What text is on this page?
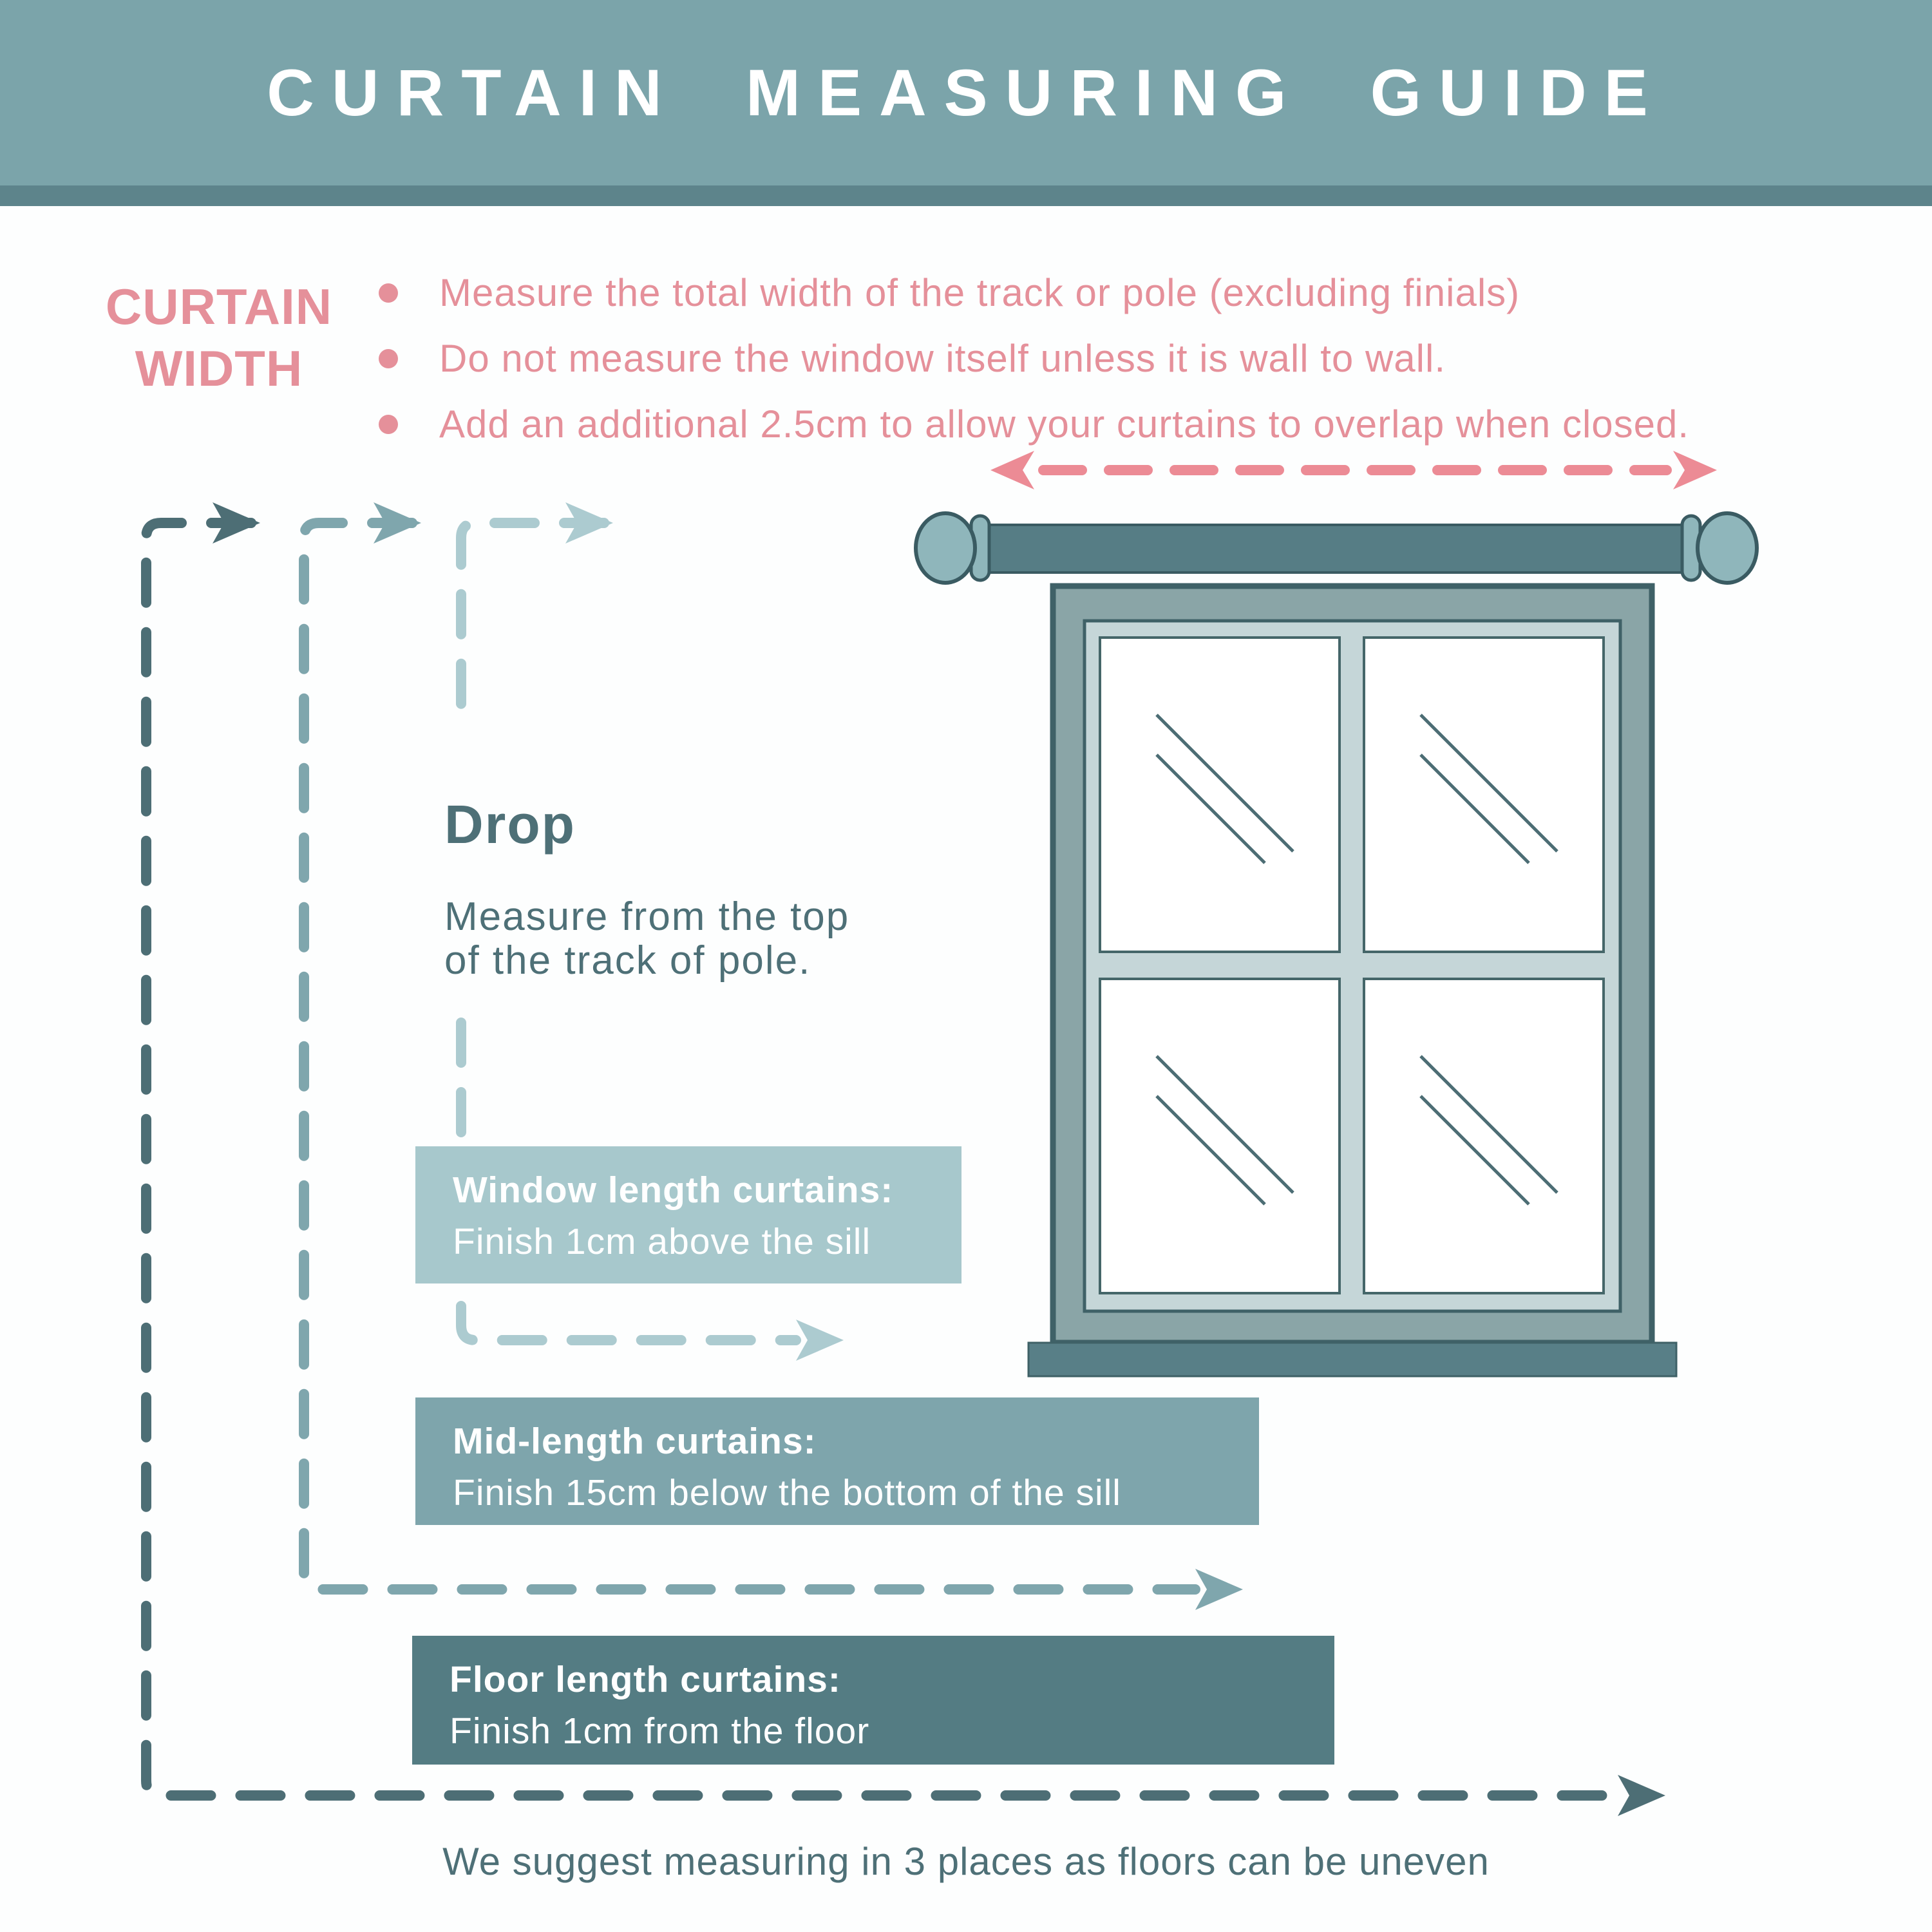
CURTAIN MEASURING GUIDE
CURTAIN
WIDTH
Measure the total width of the track or pole (excluding finials)
Do not measure the window itself unless it is wall to wall.
Add an additional 2.5cm to allow your curtains to overlap when closed.
Drop
Measure from the top
of the track of pole.
Window length curtains:
Finish 1cm above the sill
Mid-length curtains:
Finish 15cm below the bottom of the sill
Floor length curtains:
Finish 1cm from the floor
We suggest measuring in 3 places as floors can be uneven
